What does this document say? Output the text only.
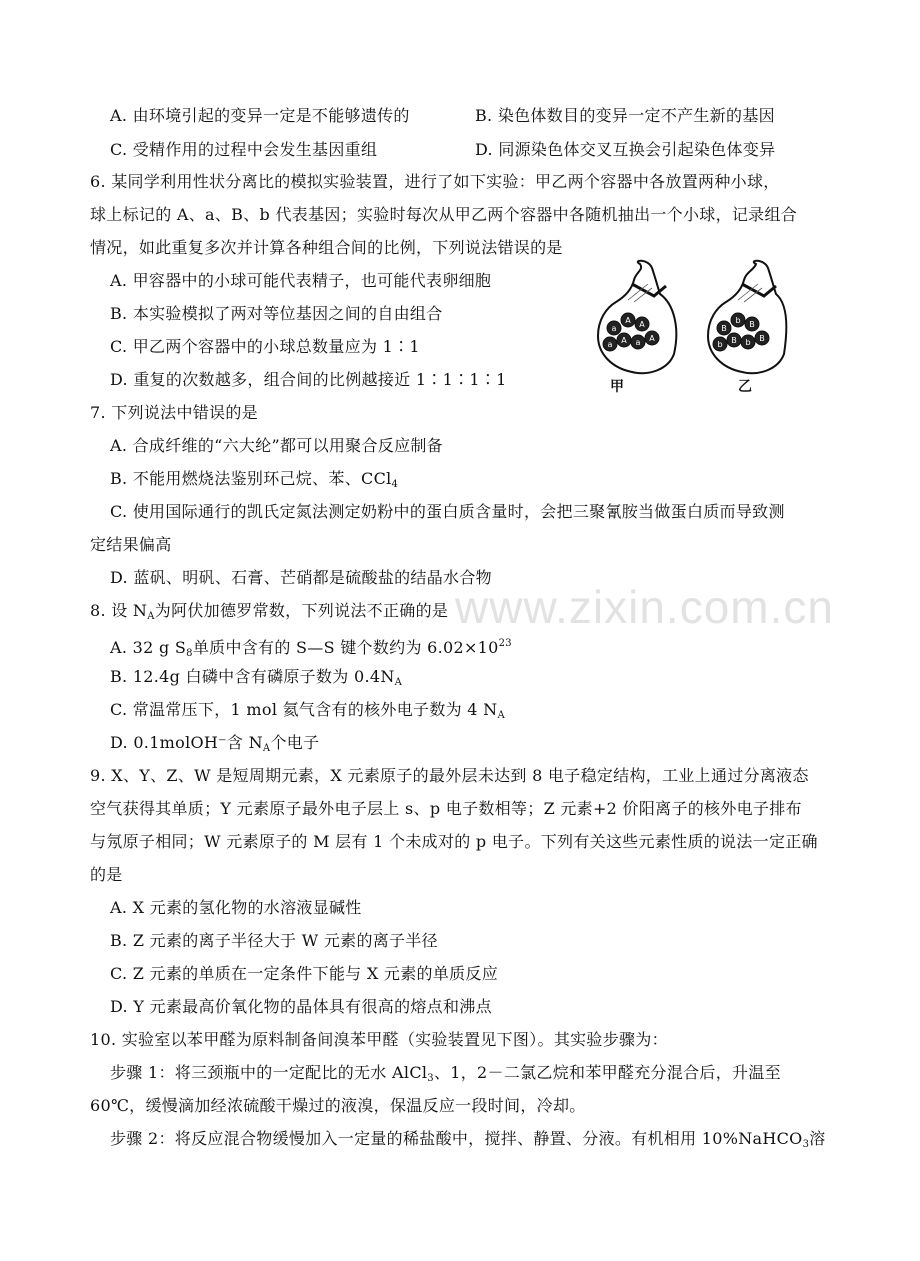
www.zixin.com.cn
A. 由环境引起的变异一定是不能够遗传的	B. 染色体数目的变异一定不产生新的基因
C. 受精作用的过程中会发生基因重组	D. 同源染色体交叉互换会引起染色体变异
6. 某同学利用性状分离比的模拟实验装置，进行了如下实验：甲乙两个容器中各放置两种小球，
球上标记的 A、a、B、b 代表基因；实验时每次从甲乙两个容器中各随机抽出一个小球，记录组合
情况，如此重复多次并计算各种组合间的比例，下列说法错误的是
A. 甲容器中的小球可能代表精子，也可能代表卵细胞
B. 本实验模拟了两对等位基因之间的自由组合
C. 甲乙两个容器中的小球总数量应为 1∶1
D. 重复的次数越多，组合间的比例越接近 1∶1∶1∶1
a
A A
a A a A
B
b B
b B b B
甲	乙
7. 下列说法中错误的是
A. 合成纤维的“六大纶”都可以用聚合反应制备
B. 不能用燃烧法鉴别环己烷、苯、CCl$_4$
C. 使用国际通行的凯氏定氮法测定奶粉中的蛋白质含量时，会把三聚氰胺当做蛋白质而导致测
定结果偏高
D. 蓝矾、明矾、石膏、芒硝都是硫酸盐的结晶水合物
8. 设 $N_A$为阿伏加德罗常数，下列说法不正确的是
A. 32 g $S_8$单质中含有的 S—S 键个数约为 $6.02\times 10^{23}$
B. 12.4g 白磷中含有磷原子数为 $0.4N_A$
C. 常温常压下，1 mol 氦气含有的核外电子数为 4 $N_A$
D. 0.1molOH⁻含 $N_A$个电子
9. X、Y、Z、W 是短周期元素，X 元素原子的最外层未达到 8 电子稳定结构，工业上通过分离液态
空气获得其单质；Y 元素原子最外电子层上 s、p 电子数相等；Z 元素+2 价阳离子的核外电子排布
与氖原子相同；W 元素原子的 M 层有 1 个未成对的 p 电子。下列有关这些元素性质的说法一定正确
的是
A. X 元素的氢化物的水溶液显碱性
B. Z 元素的离子半径大于 W 元素的离子半径
C. Z 元素的单质在一定条件下能与 X 元素的单质反应
D. Y 元素最高价氧化物的晶体具有很高的熔点和沸点
10. 实验室以苯甲醛为原料制备间溴苯甲醛（实验装置见下图）。其实验步骤为：
步骤 1：将三颈瓶中的一定配比的无水 AlCl$_3$、1，2－二氯乙烷和苯甲醛充分混合后，升温至
60℃，缓慢滴加经浓硫酸干燥过的液溴，保温反应一段时间，冷却。
步骤 2：将反应混合物缓慢加入一定量的稀盐酸中，搅拌、静置、分液。有机相用 10%NaHCO$_3$溶
